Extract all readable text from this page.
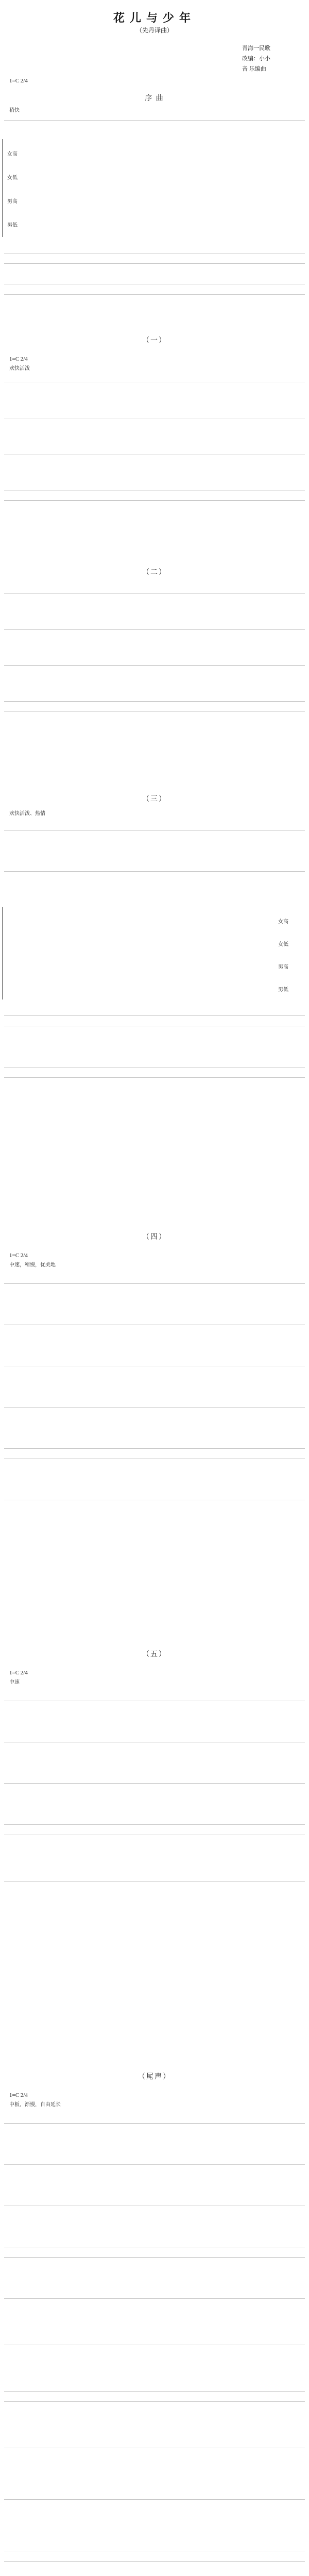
花儿与少年
（先丹译曲）
青海一民歌
改编：小小
音 乐编曲
1=C 2/4
序 曲
稍快
女高
女低
男高
男低
（一）
1=C 2/4
欢快活泼
（二）
（三）
欢快活泼、热情
女高
女低
男高
男低
（四）
1=C 2/4
中速，稍慢，优美地
（五）
1=C 2/4
中速
（尾声）
1=C 2/4
中板，渐慢，自由延长
